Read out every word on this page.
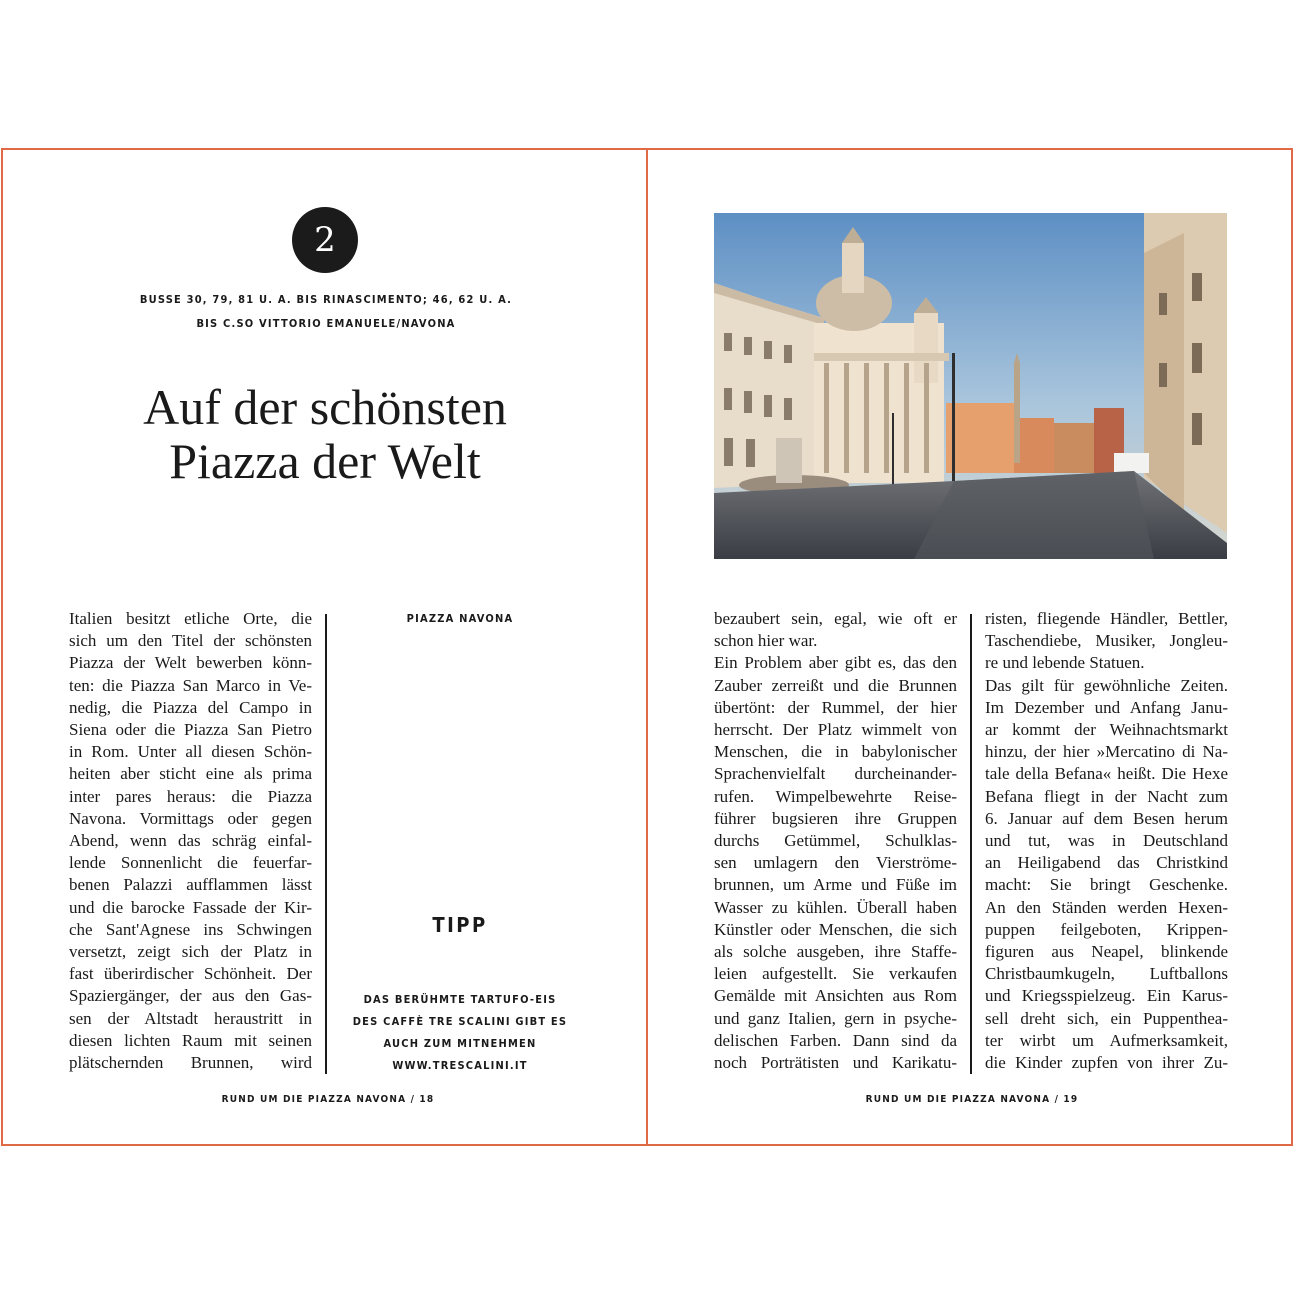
2
BUSSE 30, 79, 81 U. A. BIS RINASCIMENTO; 46, 62 U. A.
BIS C.SO VITTORIO EMANUELE/NAVONA
Auf der schönsten
Piazza der Welt
Italien besitzt etliche Orte, die
sich um den Titel der schönsten
Piazza der Welt bewerben könn-
ten: die Piazza San Marco in Ve-
nedig, die Piazza del Campo in
Siena oder die Piazza San Pietro
in Rom. Unter all diesen Schön-
heiten aber sticht eine als prima
inter pares heraus: die Piazza
Navona. Vormittags oder gegen
Abend, wenn das schräg einfal-
lende Sonnenlicht die feuerfar-
benen Palazzi aufflammen lässt
und die barocke Fassade der Kir-
che Sant'Agnese ins Schwingen
versetzt, zeigt sich der Platz in
fast überirdischer Schönheit. Der
Spaziergänger, der aus den Gas-
sen der Altstadt heraustritt in
diesen lichten Raum mit seinen
plätschernden Brunnen, wird
PIAZZA NAVONA
TIPP
DAS BERÜHMTE TARTUFO-EIS
DES CAFFÈ TRE SCALINI GIBT ES
AUCH ZUM MITNEHMEN
WWW.TRESCALINI.IT
RUND UM DIE PIAZZA NAVONA / 18
bezaubert sein, egal, wie oft er
schon hier war.
Ein Problem aber gibt es, das den
Zauber zerreißt und die Brunnen
übertönt: der Rummel, der hier
herrscht. Der Platz wimmelt von
Menschen, die in babylonischer
Sprachenvielfalt durcheinander-
rufen. Wimpelbewehrte Reise-
führer bugsieren ihre Gruppen
durchs Getümmel, Schulklas-
sen umlagern den Vierströme-
brunnen, um Arme und Füße im
Wasser zu kühlen. Überall haben
Künstler oder Menschen, die sich
als solche ausgeben, ihre Staffe-
leien aufgestellt. Sie verkaufen
Gemälde mit Ansichten aus Rom
und ganz Italien, gern in psyche-
delischen Farben. Dann sind da
noch Porträtisten und Karikatu-
risten, fliegende Händler, Bettler,
Taschendiebe, Musiker, Jongleu-
re und lebende Statuen.
Das gilt für gewöhnliche Zeiten.
Im Dezember und Anfang Janu-
ar kommt der Weihnachtsmarkt
hinzu, der hier »Mercatino di Na-
tale della Befana« heißt. Die Hexe
Befana fliegt in der Nacht zum
6. Januar auf dem Besen herum
und tut, was in Deutschland
an Heiligabend das Christkind
macht: Sie bringt Geschenke.
An den Ständen werden Hexen-
puppen feilgeboten, Krippen-
figuren aus Neapel, blinkende
Christbaumkugeln, Luftballons
und Kriegsspielzeug. Ein Karus-
sell dreht sich, ein Puppenthea-
ter wirbt um Aufmerksamkeit,
die Kinder zupfen von ihrer Zu-
RUND UM DIE PIAZZA NAVONA / 19
